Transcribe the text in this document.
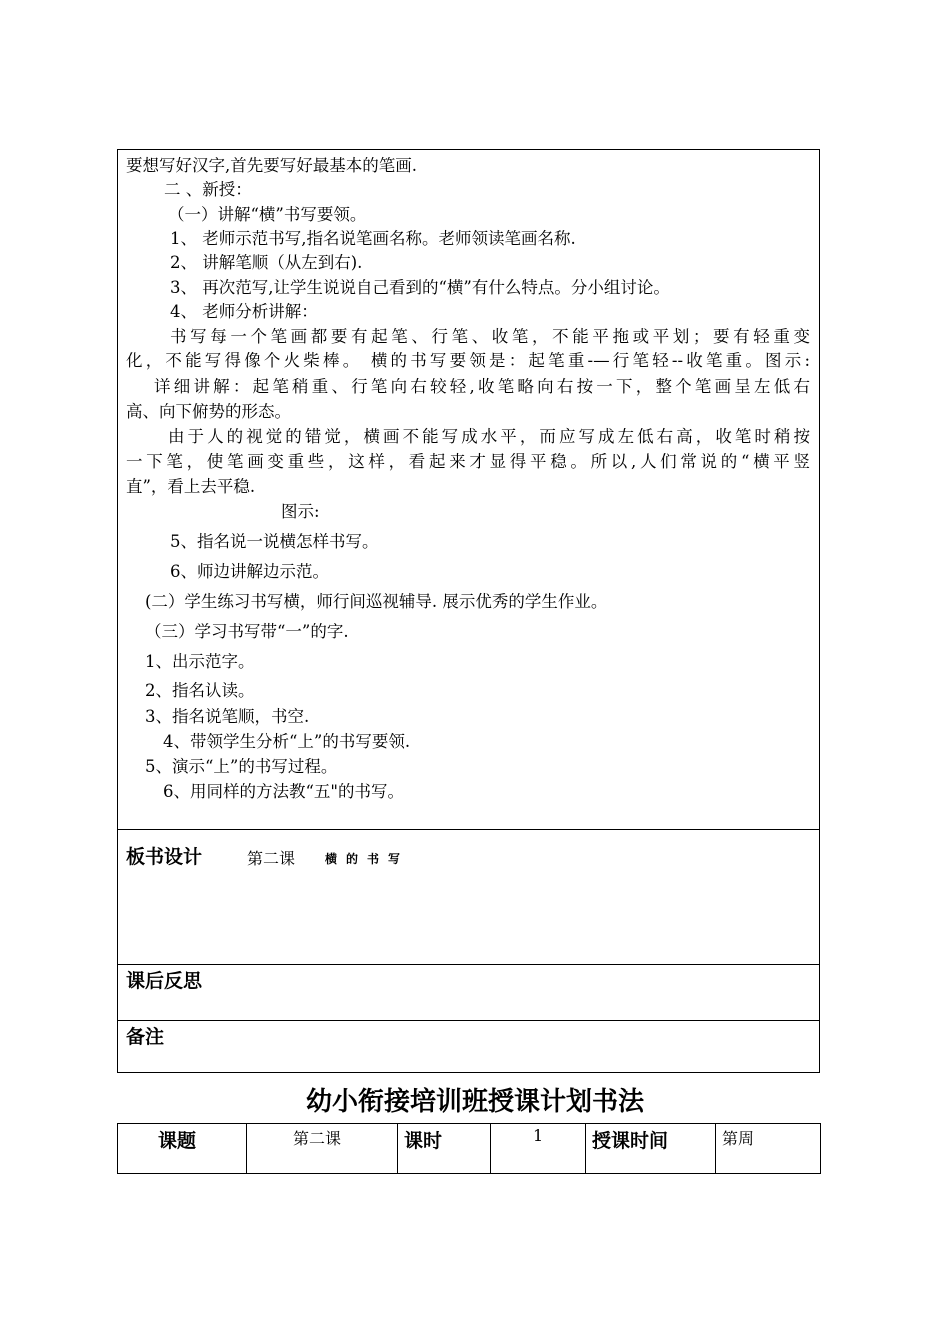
要想写好汉字,首先要写好最基本的笔画.
二 、新授：
（一）讲解“横”书写要领。
1、 老师示范书写,指名说笔画名称。老师领读笔画名称.
2、 讲解笔顺（从左到右).
3、 再次范写,让学生说说自己看到的“横”有什么特点。分小组讨论。
4、 老师分析讲解：
书写每一个笔画都要有起笔、行笔、收笔，不能平拖或平划；要有轻重变
化，不能写得像个火柴棒。 横的书写要领是：起笔重-—行笔轻--收笔重。图示:
详细讲解：起笔稍重、行笔向右较轻,收笔略向右按一下，整个笔画呈左低右
高、向下俯势的形态。
由于人的视觉的错觉，横画不能写成水平，而应写成左低右高，收笔时稍按
一下笔，使笔画变重些，这样，看起来才显得平稳。所以,人们常说的“横平竖
直”，看上去平稳.
图示:
5、指名说一说横怎样书写。
6、师边讲解边示范。
(二）学生练习书写横，师行间巡视辅导. 展示优秀的学生作业。
（三）学习书写带“一”的字.
1、出示范字。
2、指名认读。
3、指名说笔顺，书空.
4、带领学生分析“上”的书写要领.
5、演示“上”的书写过程。
6、用同样的方法教“五"的书写。
板书设计	第二课 横的书写
课后反思
备注
幼小衔接培训班授课计划书法
课题	第二课	课时	1	授课时间	第周
